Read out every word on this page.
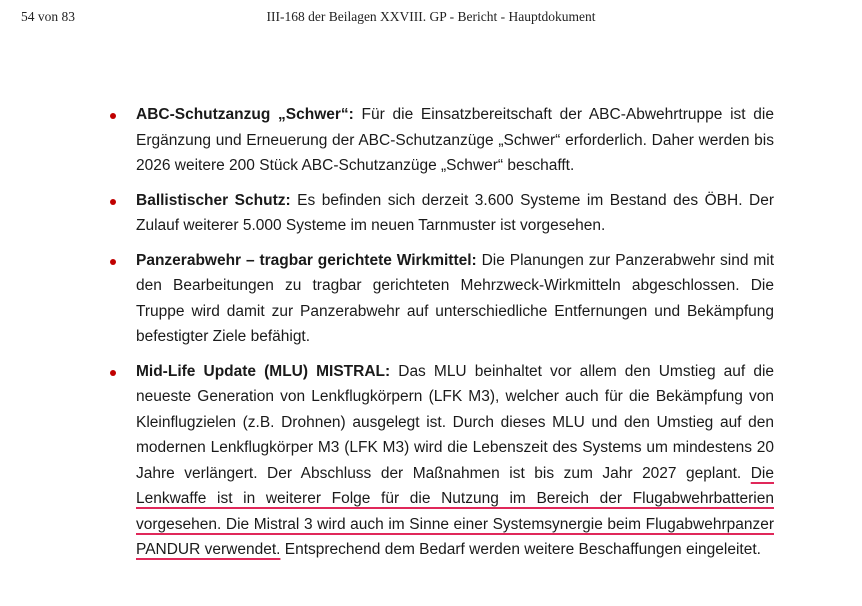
54 von 83	III-168 der Beilagen XXVIII. GP - Bericht - Hauptdokument

ABC-Schutzanzug „Schwer“: Für die Einsatzbereitschaft der ABC-Abwehrtruppe ist die Ergänzung und Erneuerung der ABC-Schutzanzüge „Schwer“ erforderlich. Daher werden bis 2026 weitere 200 Stück ABC-Schutzanzüge „Schwer“ beschafft.

Ballistischer Schutz: Es befinden sich derzeit 3.600 Systeme im Bestand des ÖBH. Der Zulauf weiterer 5.000 Systeme im neuen Tarnmuster ist vorgesehen.

Panzerabwehr – tragbar gerichtete Wirkmittel: Die Planungen zur Panzerabwehr sind mit den Bearbeitungen zu tragbar gerichteten Mehrzweck-Wirkmitteln abgeschlossen. Die Truppe wird damit zur Panzerabwehr auf unterschiedliche Entfernungen und Bekämpfung befestigter Ziele befähigt.

Mid-Life Update (MLU) MISTRAL: Das MLU beinhaltet vor allem den Umstieg auf die neueste Generation von Lenkflugkörpern (LFK M3), welcher auch für die Bekämpfung von Kleinflugzielen (z.B. Drohnen) ausgelegt ist. Durch dieses MLU und den Umstieg auf den modernen Lenkflugkörper M3 (LFK M3) wird die Lebenszeit des Systems um mindestens 20 Jahre verlängert. Der Abschluss der Maßnahmen ist bis zum Jahr 2027 geplant. Die Lenkwaffe ist in weiterer Folge für die Nutzung im Bereich der Flugabwehrbatterien vorgesehen. Die Mistral 3 wird auch im Sinne einer Systemsynergie beim Flugabwehrpanzer PANDUR verwendet. Entsprechend dem Bedarf werden weitere Beschaffungen eingeleitet.
